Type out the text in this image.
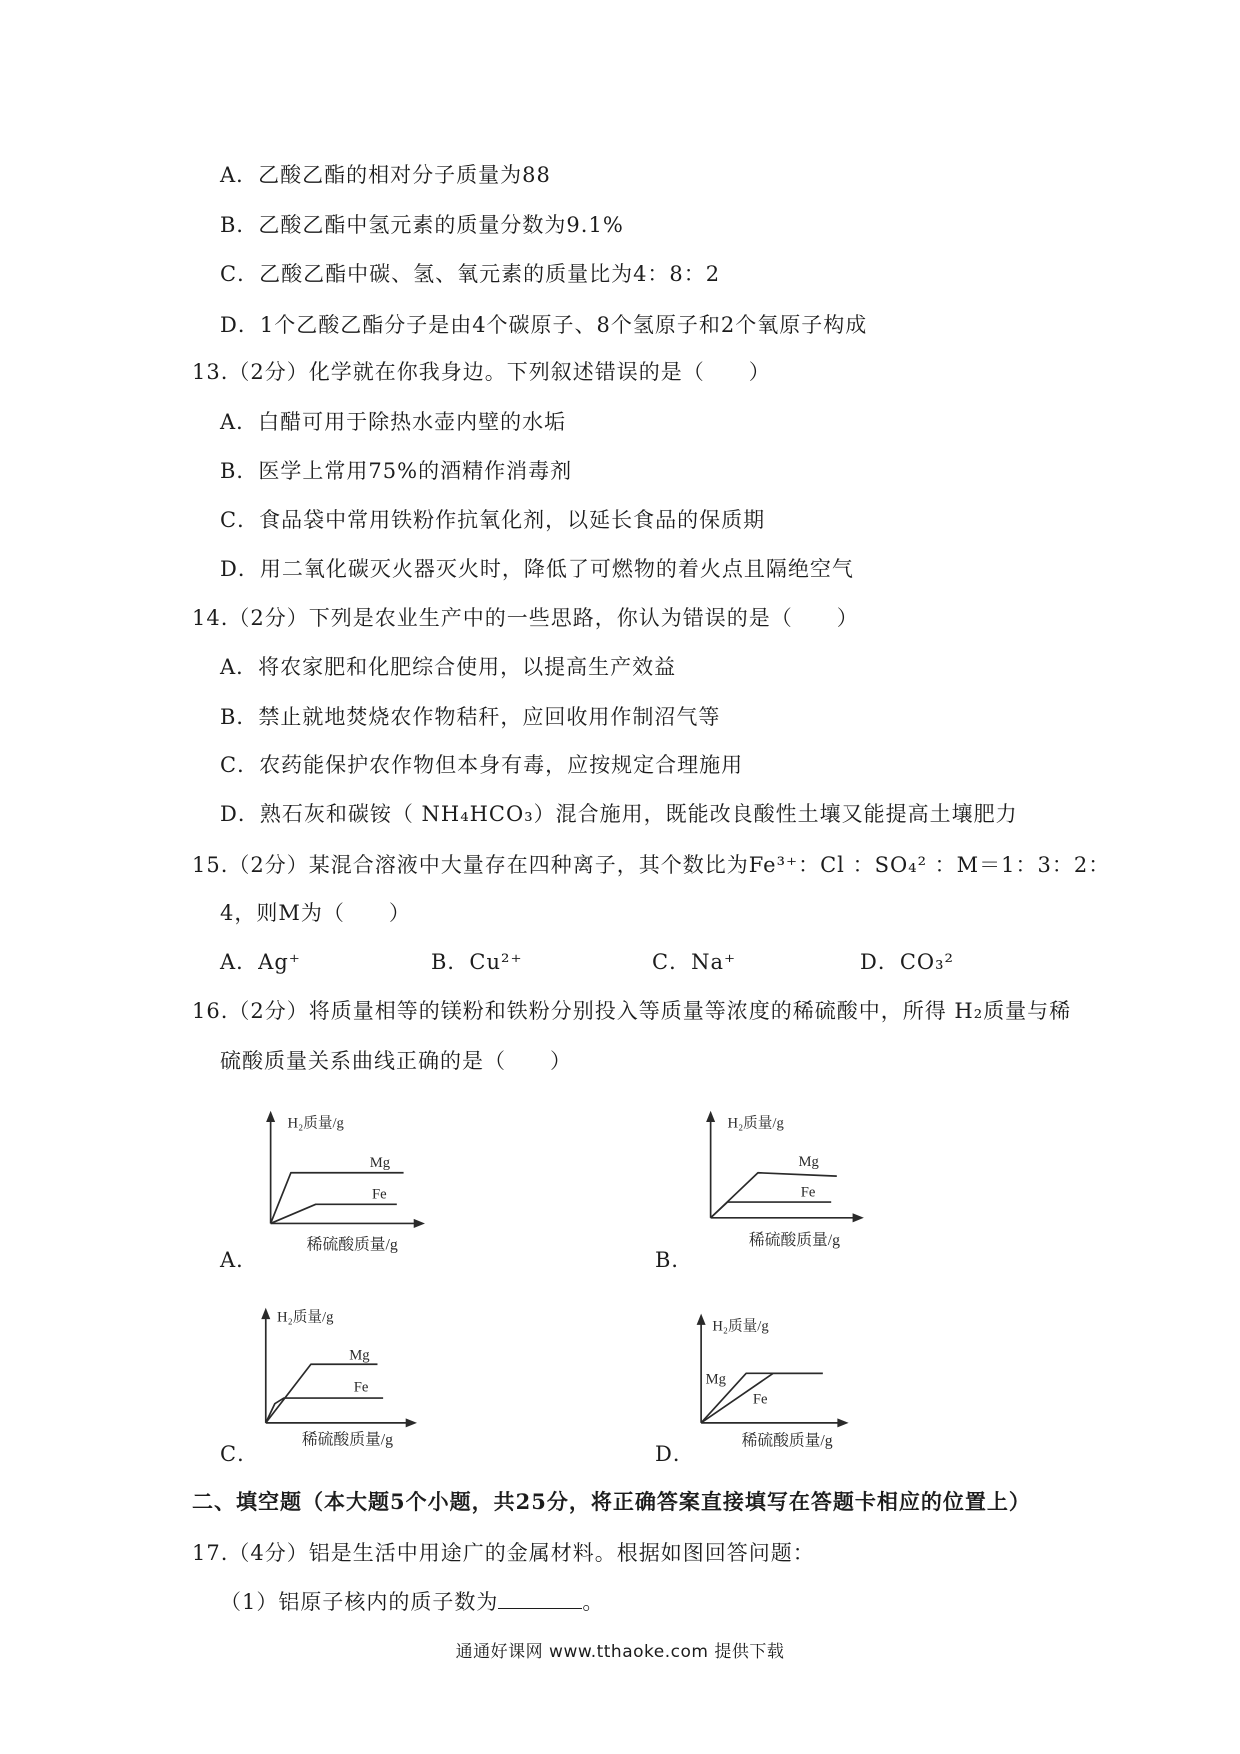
A．乙酸乙酯的相对分子质量为88
B．乙酸乙酯中氢元素的质量分数为9.1%
C．乙酸乙酯中碳、氢、氧元素的质量比为4：8：2
D．1个乙酸乙酯分子是由4个碳原子、8个氢原子和2个氧原子构成
13.（2分）化学就在你我身边。下列叙述错误的是（　　）
A．白醋可用于除热水壶内壁的水垢
B．医学上常用75%的酒精作消毒剂
C．食品袋中常用铁粉作抗氧化剂，以延长食品的保质期
D．用二氧化碳灭火器灭火时，降低了可燃物的着火点且隔绝空气
14.（2分）下列是农业生产中的一些思路，你认为错误的是（　　）
A．将农家肥和化肥综合使用，以提高生产效益
B．禁止就地焚烧农作物秸秆，应回收用作制沼气等
C．农药能保护农作物但本身有毒，应按规定合理施用
D．熟石灰和碳铵（ NH₄HCO₃）混合施用，既能改良酸性土壤又能提高土壤肥力
15.（2分）某混合溶液中大量存在四种离子，其个数比为Fe³⁺：Cl ：SO₄² ：M＝1：3：2：
4，则M为（　　）
A．Ag⁺	B．Cu²⁺	C．Na⁺	D．CO₃²
16.（2分）将质量相等的镁粉和铁粉分别投入等质量等浓度的稀硫酸中，所得 H₂质量与稀
硫酸质量关系曲线正确的是（　　）
H₂质量/g
Mg
Fe
稀硫酸质量/g
A．
H₂质量/g
Mg
Fe
稀硫酸质量/g
B．
H₂质量/g
Mg
Fe
稀硫酸质量/g
C．
H₂质量/g
Mg
Fe
稀硫酸质量/g
D．
二、填空题（本大题5个小题，共25分，将正确答案直接填写在答题卡相应的位置上）
17.（4分）铝是生活中用途广的金属材料。根据如图回答问题：
（1）铝原子核内的质子数为	。
通通好课网 www.tthaoke.com 提供下载
